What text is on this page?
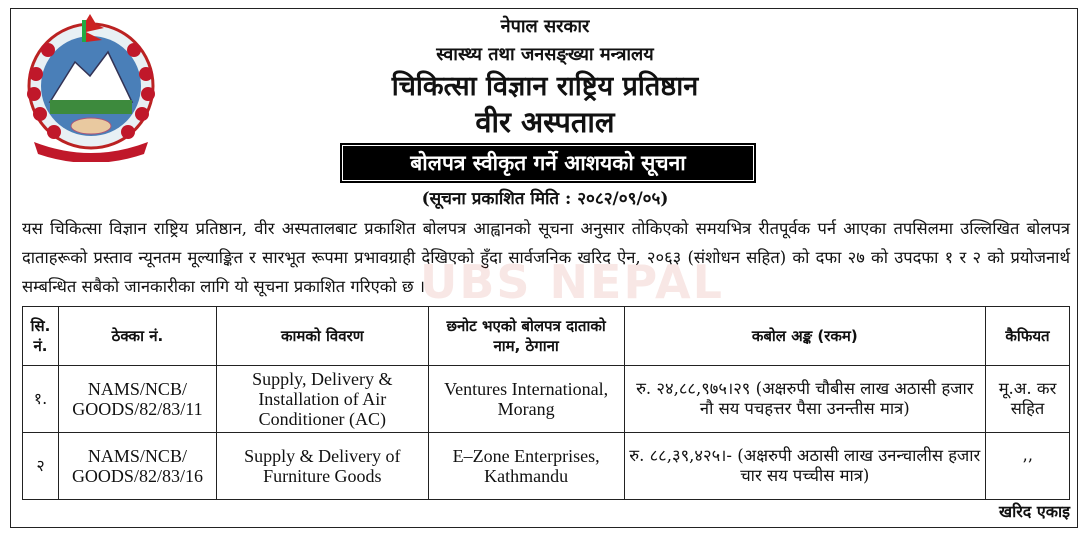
नेपाल सरकार
स्वास्थ्य तथा जनसङ्ख्या मन्त्रालय
चिकित्सा विज्ञान राष्ट्रिय प्रतिष्ठान
वीर अस्पताल
बोलपत्र स्वीकृत गर्ने आशयको सूचना
(सूचना प्रकाशित मिति : २०८२/०९/०५)
यस चिकित्सा विज्ञान राष्ट्रिय प्रतिष्ठान, वीर अस्पतालबाट प्रकाशित बोलपत्र आह्वानको सूचना अनुसार तोकिएको समयभित्र रीतपूर्वक पर्न आएका तपसिलमा उल्लिखित बोलपत्र दाताहरूको प्रस्ताव न्यूनतम मूल्याङ्कित र सारभूत रूपमा प्रभावग्राही देखिएको हुँदा सार्वजनिक खरिद ऐन, २०६३ (संशोधन सहित) को दफा २७ को उपदफा १ र २ को प्रयोजनार्थ सम्बन्धित सबैको जानकारीका लागि यो सूचना प्रकाशित गरिएको छ ।
UBS NEPAL
सि. नं.	ठेक्का नं.	कामको विवरण	छनोट भएको बोलपत्र दाताको नाम, ठेगाना	कबोल अङ्क (रकम)	कैफियत
१.	NAMS/NCB/ GOODS/82/83/11	Supply, Delivery & Installation of Air Conditioner (AC)	Ventures International, Morang	रु. २४,८८,९७५।२९ (अक्षरुपी चौबीस लाख अठासी हजार नौ सय पचहत्तर पैसा उनन्तीस मात्र)	मू.अ. कर सहित
२	NAMS/NCB/ GOODS/82/83/16	Supply & Delivery of Furniture Goods	E–Zone Enterprises, Kathmandu	रु. ८८,३९,४२५।- (अक्षरुपी अठासी लाख उनन्चालीस हजार चार सय पच्चीस मात्र)	’’
खरिद एकाइ
